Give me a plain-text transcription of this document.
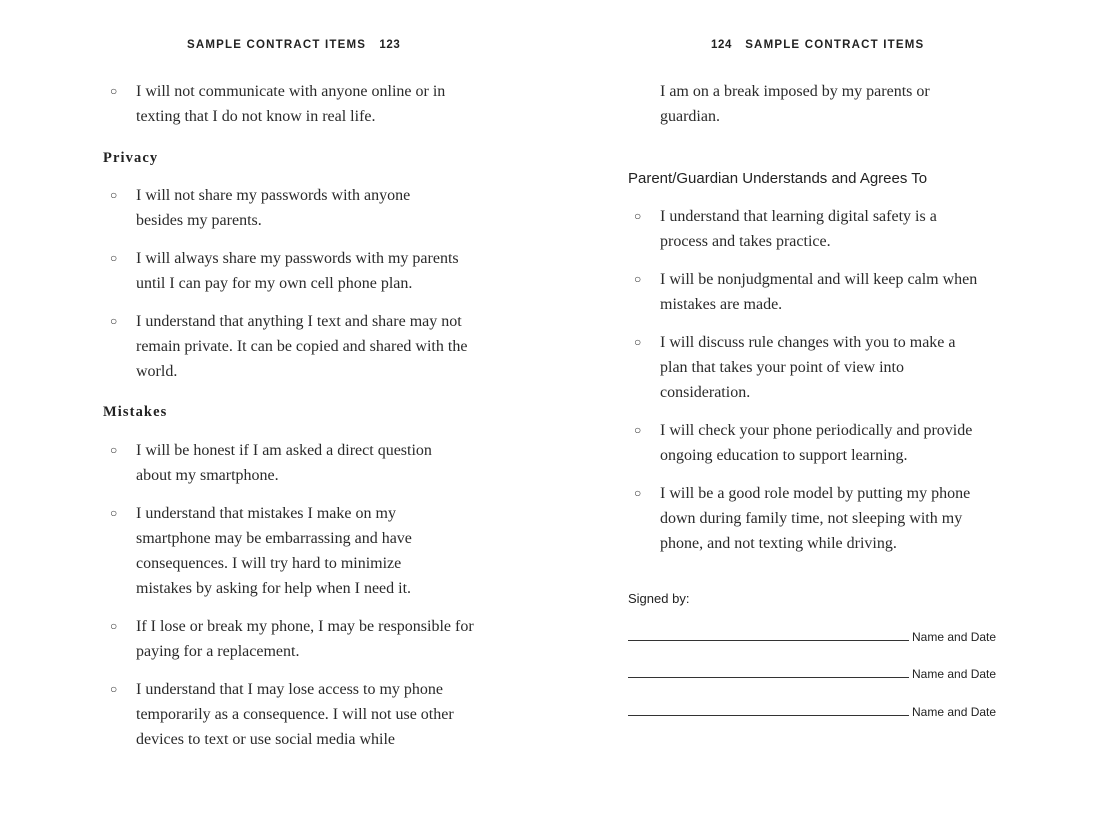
SAMPLE CONTRACT ITEMS 123
○ I will not communicate with anyone online or in texting that I do not know in real life.
Privacy
○ I will not share my passwords with anyone besides my parents.
○ I will always share my passwords with my parents until I can pay for my own cell phone plan.
○ I understand that anything I text and share may not remain private. It can be copied and shared with the world.
Mistakes
○ I will be honest if I am asked a direct question about my smartphone.
○ I understand that mistakes I make on my smartphone may be embarrassing and have consequences. I will try hard to minimize mistakes by asking for help when I need it.
○ If I lose or break my phone, I may be responsible for paying for a replacement.
○ I understand that I may lose access to my phone temporarily as a consequence. I will not use other devices to text or use social media while
124 SAMPLE CONTRACT ITEMS
I am on a break imposed by my parents or guardian.
Parent/Guardian Understands and Agrees To
○ I understand that learning digital safety is a process and takes practice.
○ I will be nonjudgmental and will keep calm when mistakes are made.
○ I will discuss rule changes with you to make a plan that takes your point of view into consideration.
○ I will check your phone periodically and provide ongoing education to support learning.
○ I will be a good role model by putting my phone down during family time, not sleeping with my phone, and not texting while driving.
Signed by:
Name and Date
Name and Date
Name and Date
